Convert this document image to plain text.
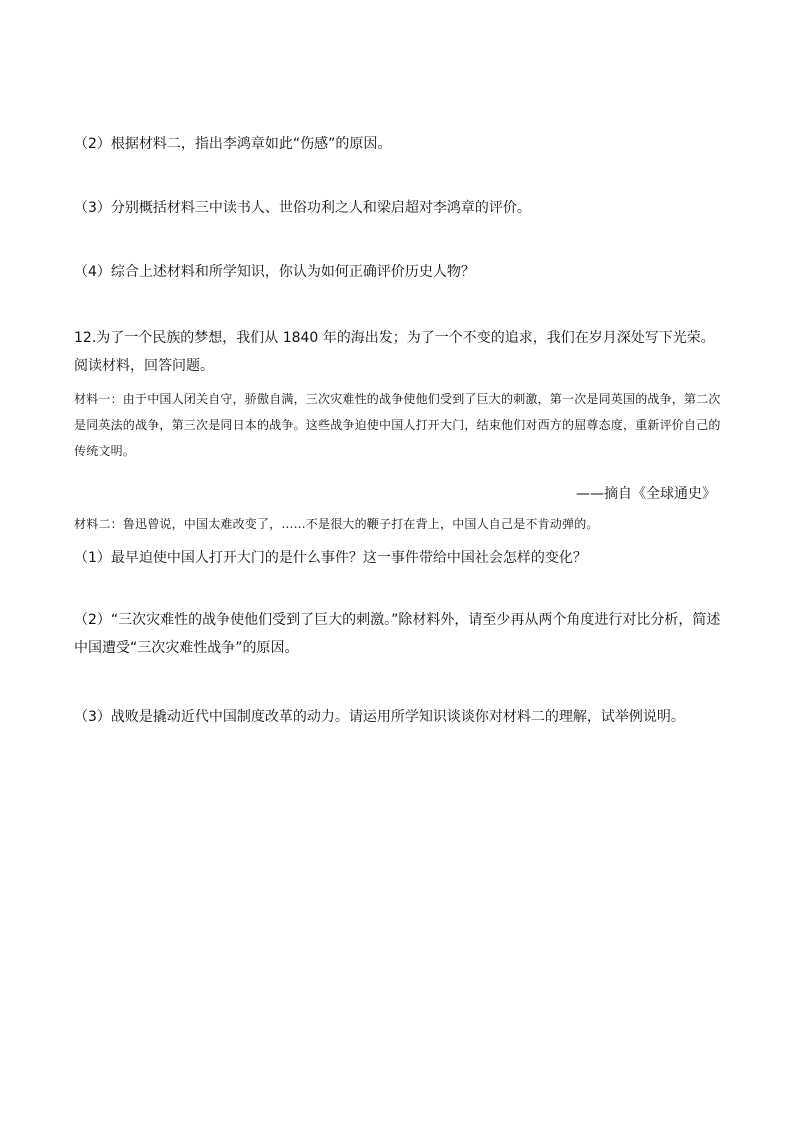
（2）根据材料二，指出李鸿章如此“伤感”的原因。
（3）分别概括材料三中读书人、世俗功利之人和梁启超对李鸿章的评价。
（4）综合上述材料和所学知识，你认为如何正确评价历史人物？
12.为了一个民族的梦想，我们从 1840 年的海出发；为了一个不变的追求，我们在岁月深处写下光荣。阅读材料，回答问题。
材料一：由于中国人闭关自守，骄傲自满，三次灾难性的战争使他们受到了巨大的刺激，第一次是同英国的战争，第二次是同英法的战争，第三次是同日本的战争。这些战争迫使中国人打开大门，结束他们对西方的屈尊态度，重新评价自己的传统文明。
——摘自《全球通史》
材料二：鲁迅曾说，中国太难改变了，……不是很大的鞭子打在背上，中国人自己是不肯动弹的。
（1）最早迫使中国人打开大门的是什么事件？这一事件带给中国社会怎样的变化？
（2）“三次灾难性的战争使他们受到了巨大的刺激。”除材料外，请至少再从两个角度进行对比分析，简述中国遭受“三次灾难性战争”的原因。
（3）战败是撬动近代中国制度改革的动力。请运用所学知识谈谈你对材料二的理解，试举例说明。
